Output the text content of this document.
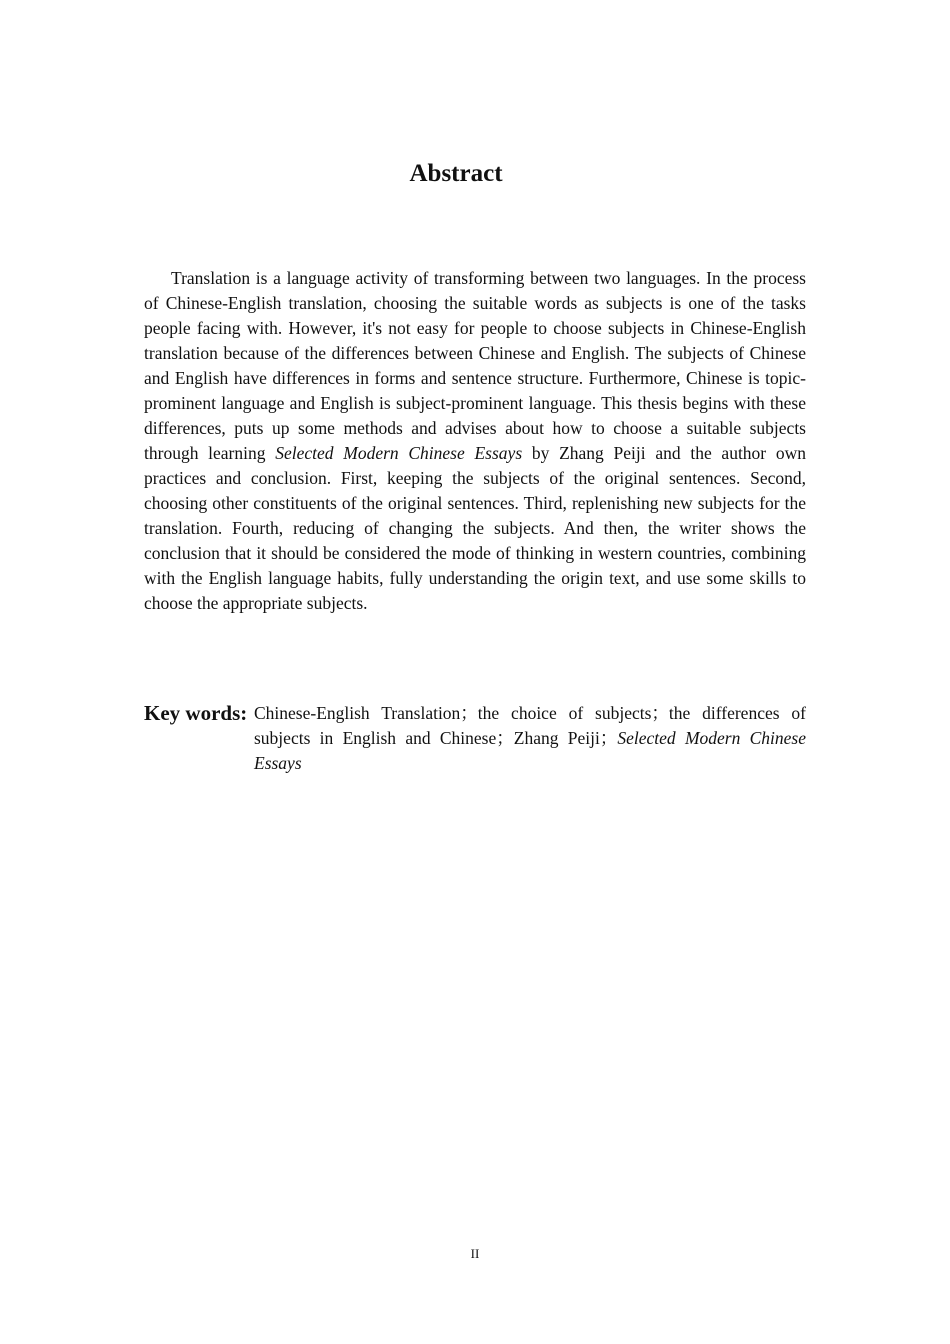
Abstract

Translation is a language activity of transforming between two languages. In the process of Chinese-English translation, choosing the suitable words as subjects is one of the tasks people facing with. However, it's not easy for people to choose subjects in Chinese-English translation because of the differences between Chinese and English. The subjects of Chinese and English have differences in forms and sentence structure. Furthermore, Chinese is topic-prominent language and English is subject-prominent language. This thesis begins with these differences, puts up some methods and advises about how to choose a suitable subjects through learning Selected Modern Chinese Essays by Zhang Peiji and the author own practices and conclusion. First, keeping the subjects of the original sentences. Second, choosing other constituents of the original sentences. Third, replenishing new subjects for the translation. Fourth, reducing of changing the subjects. And then, the writer shows the conclusion that it should be considered the mode of thinking in western countries, combining with the English language habits, fully understanding the origin text, and use some skills to choose the appropriate subjects.

Key words: Chinese-English Translation；the choice of subjects；the differences of subjects in English and Chinese；Zhang Peiji；Selected Modern Chinese Essays
II
